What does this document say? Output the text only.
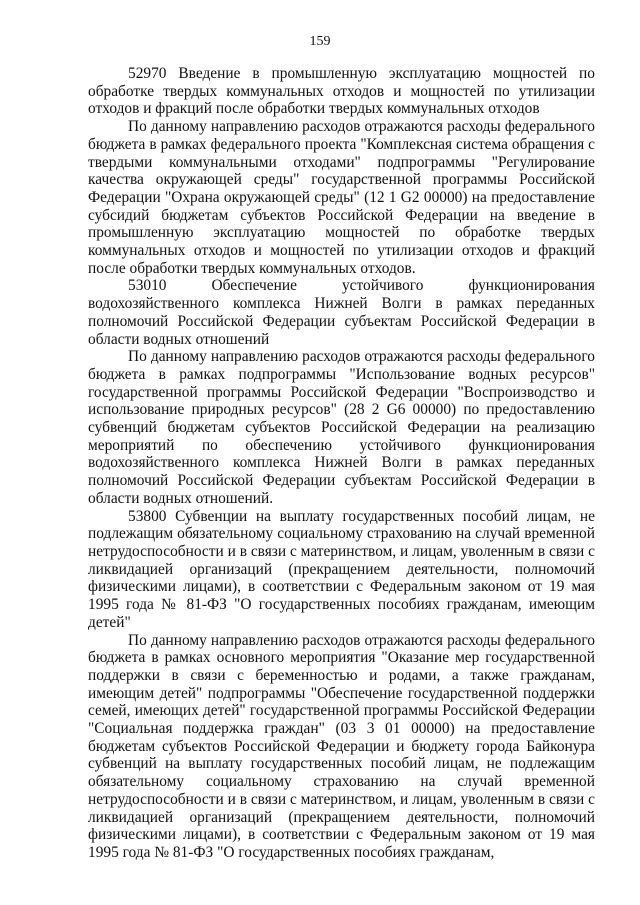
159

52970 Введение в промышленную эксплуатацию мощностей по обработке твердых коммунальных отходов и мощностей по утилизации отходов и фракций после обработки твердых коммунальных отходов

По данному направлению расходов отражаются расходы федерального бюджета в рамках федерального проекта "Комплексная система обращения с твердыми коммунальными отходами" подпрограммы "Регулирование качества окружающей среды" государственной программы Российской Федерации "Охрана окружающей среды" (12 1 G2 00000) на предоставление субсидий бюджетам субъектов Российской Федерации на введение в промышленную эксплуатацию мощностей по обработке твердых коммунальных отходов и мощностей по утилизации отходов и фракций после обработки твердых коммунальных отходов.

53010 Обеспечение устойчивого функционирования водохозяйственного комплекса Нижней Волги в рамках переданных полномочий Российской Федерации субъектам Российской Федерации в области водных отношений

По данному направлению расходов отражаются расходы федерального бюджета в рамках подпрограммы "Использование водных ресурсов" государственной программы Российской Федерации "Воспроизводство и использование природных ресурсов" (28 2 G6 00000) по предоставлению субвенций бюджетам субъектов Российской Федерации на реализацию мероприятий по обеспечению устойчивого функционирования водохозяйственного комплекса Нижней Волги в рамках переданных полномочий Российской Федерации субъектам Российской Федерации в области водных отношений.

53800 Субвенции на выплату государственных пособий лицам, не подлежащим обязательному социальному страхованию на случай временной нетрудоспособности и в связи с материнством, и лицам, уволенным в связи с ликвидацией организаций (прекращением деятельности, полномочий физическими лицами), в соответствии с Федеральным законом от 19 мая 1995 года № 81-ФЗ "О государственных пособиях гражданам, имеющим детей"

По данному направлению расходов отражаются расходы федерального бюджета в рамках основного мероприятия "Оказание мер государственной поддержки в связи с беременностью и родами, а также гражданам, имеющим детей" подпрограммы "Обеспечение государственной поддержки семей, имеющих детей" государственной программы Российской Федерации "Социальная поддержка граждан" (03 3 01 00000) на предоставление бюджетам субъектов Российской Федерации и бюджету города Байконура субвенций на выплату государственных пособий лицам, не подлежащим обязательному социальному страхованию на случай временной нетрудоспособности и в связи с материнством, и лицам, уволенным в связи с ликвидацией организаций (прекращением деятельности, полномочий физическими лицами), в соответствии с Федеральным законом от 19 мая 1995 года № 81-ФЗ "О государственных пособиях гражданам,
